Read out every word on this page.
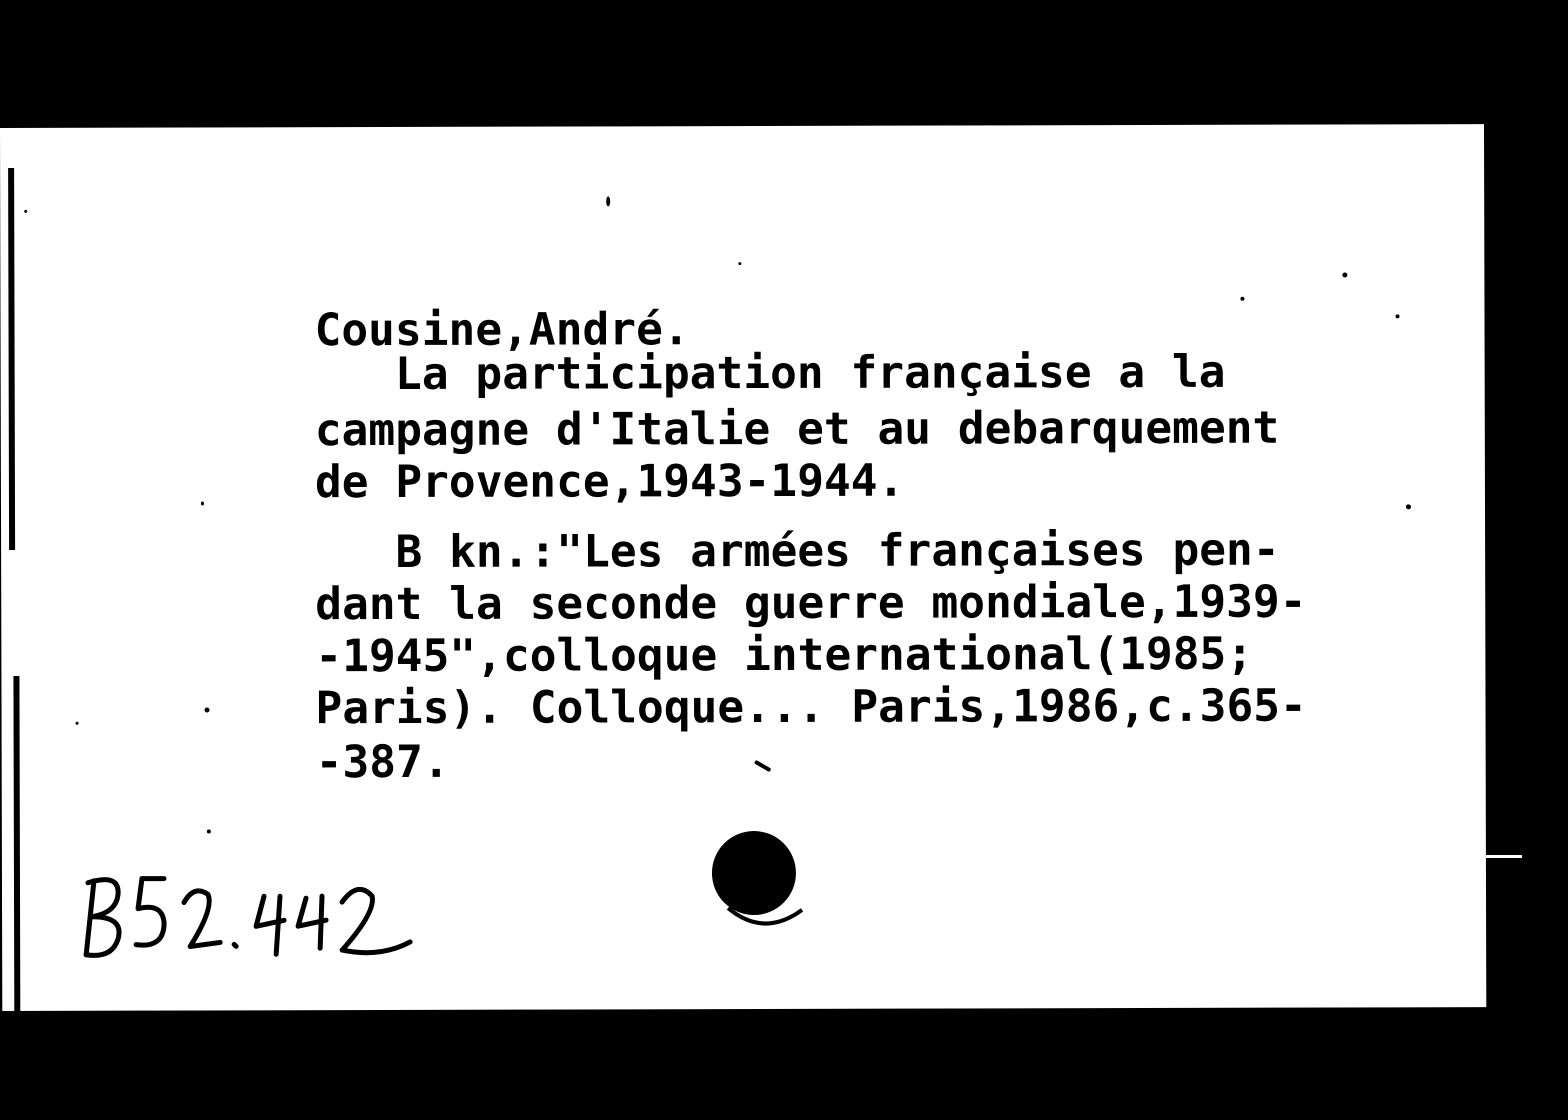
Cousine,André.
La participation française a la
campagne d'Italie et au debarquement
de Provence,1943-1944.
B kn.:"Les armées françaises pen-
dant la seconde guerre mondiale,1939-
-1945",colloque international(1985;
Paris). Colloque... Paris,1986,c.365-
-387.
